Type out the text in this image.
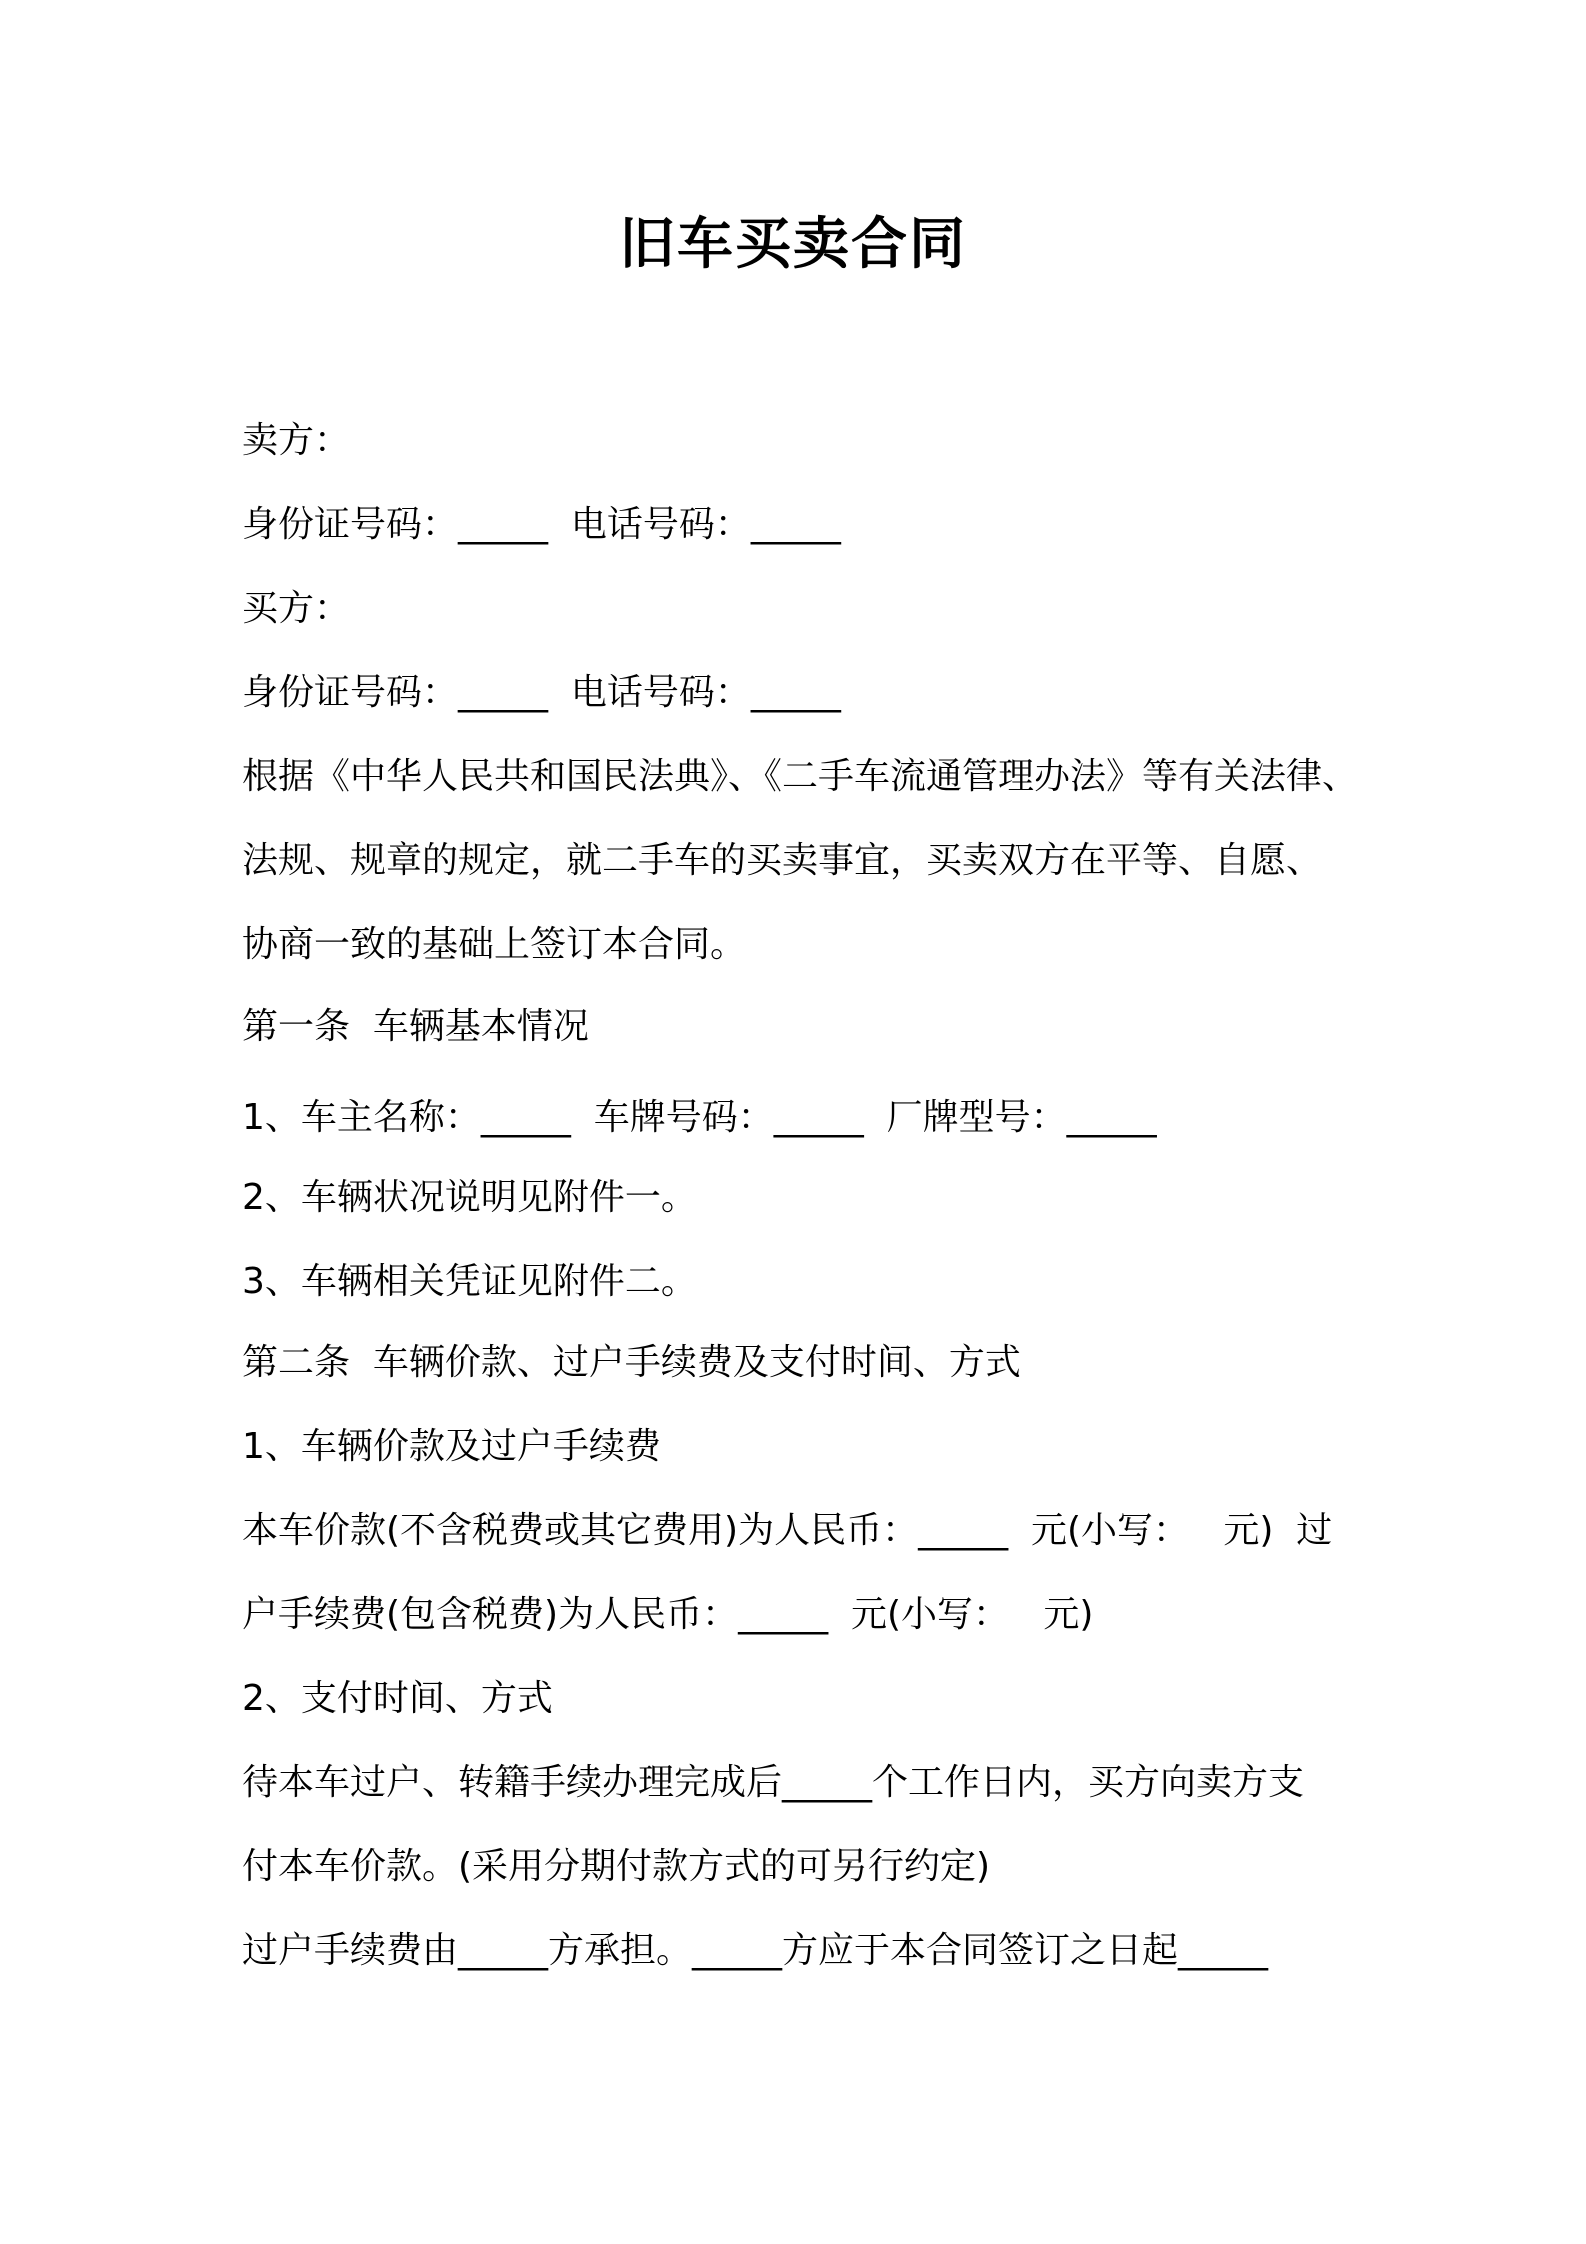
旧车买卖合同
卖方：
身份证号码：_____  电话号码：_____
买方：
身份证号码：_____  电话号码：_____
根据《中华人民共和国民法典》、《二手车流通管理办法》等有关法律、
法规、规章的规定，就二手车的买卖事宜，买卖双方在平等、自愿、
协商一致的基础上签订本合同。
第一条  车辆基本情况
1、车主名称：_____  车牌号码：_____  厂牌型号：_____
2、车辆状况说明见附件一。
3、车辆相关凭证见附件二。
第二条  车辆价款、过户手续费及支付时间、方式
1、车辆价款及过户手续费
本车价款(不含税费或其它费用)为人民币：_____  元(小写：   元)  过
户手续费(包含税费)为人民币：_____  元(小写：   元)
2、支付时间、方式
待本车过户、转籍手续办理完成后_____个工作日内，买方向卖方支
付本车价款。(采用分期付款方式的可另行约定)
过户手续费由_____方承担。_____方应于本合同签订之日起_____
